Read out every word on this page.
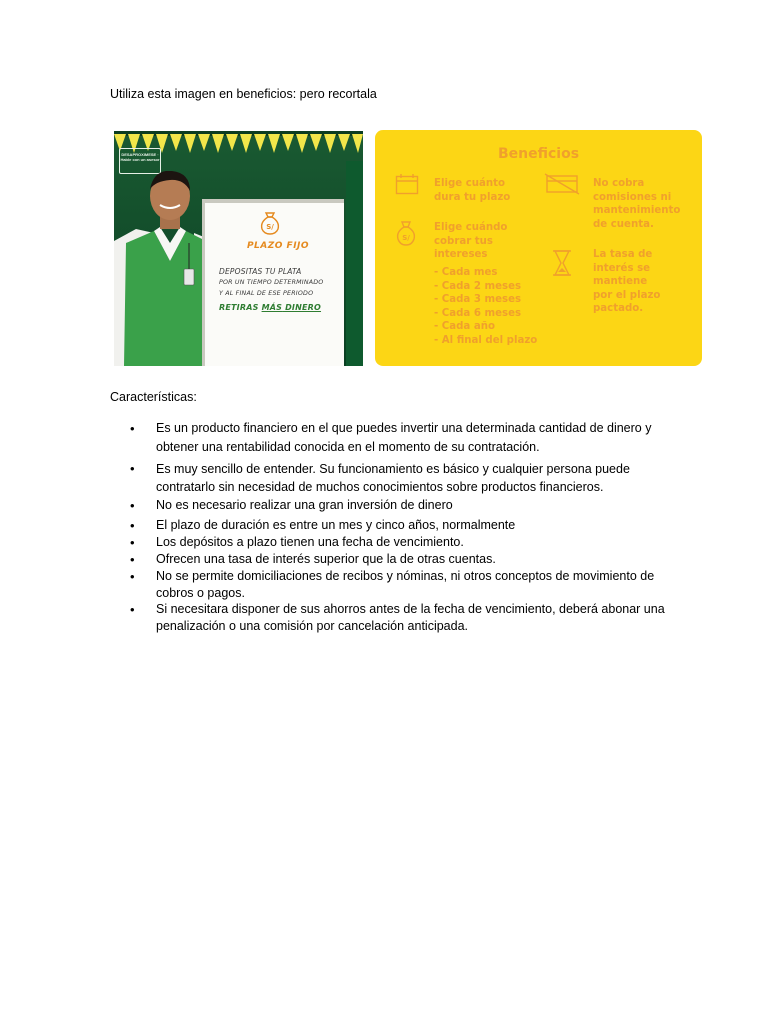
Utiliza esta imagen en beneficios: pero recortala
DESAPROXIMESE · Hable con un asesor
S/
PLAZO FIJO
DEPOSITAS TU PLATA
POR UN TIEMPO DETERMINADO
Y AL FINAL DE ESE PERIODO
RETIRAS MÁS DINERO
Beneficios
Elige cuánto
dura tu plazo
S/
Elige cuándo
cobrar tus
intereses
- Cada mes
- Cada 2 meses
- Cada 3 meses
- Cada 6 meses
- Cada año
- Al final del plazo
No cobra
comisiones ni
mantenimiento
de cuenta.
La tasa de
interés se
mantiene
por el plazo
pactado.
Características:
• Es un producto financiero en el que puedes invertir una determinada cantidad de dinero y obtener una rentabilidad conocida en el momento de su contratación.
• Es muy sencillo de entender. Su funcionamiento es básico y cualquier persona puede contratarlo sin necesidad de muchos conocimientos sobre productos financieros.
• No es necesario realizar una gran inversión de dinero
• El plazo de duración es entre un mes y cinco años, normalmente
• Los depósitos a plazo tienen una fecha de vencimiento.
• Ofrecen una tasa de interés superior que la de otras cuentas.
• No se permite domiciliaciones de recibos y nóminas, ni otros conceptos de movimiento de cobros o pagos.
• Si necesitara disponer de sus ahorros antes de la fecha de vencimiento, deberá abonar una penalización o una comisión por cancelación anticipada.
